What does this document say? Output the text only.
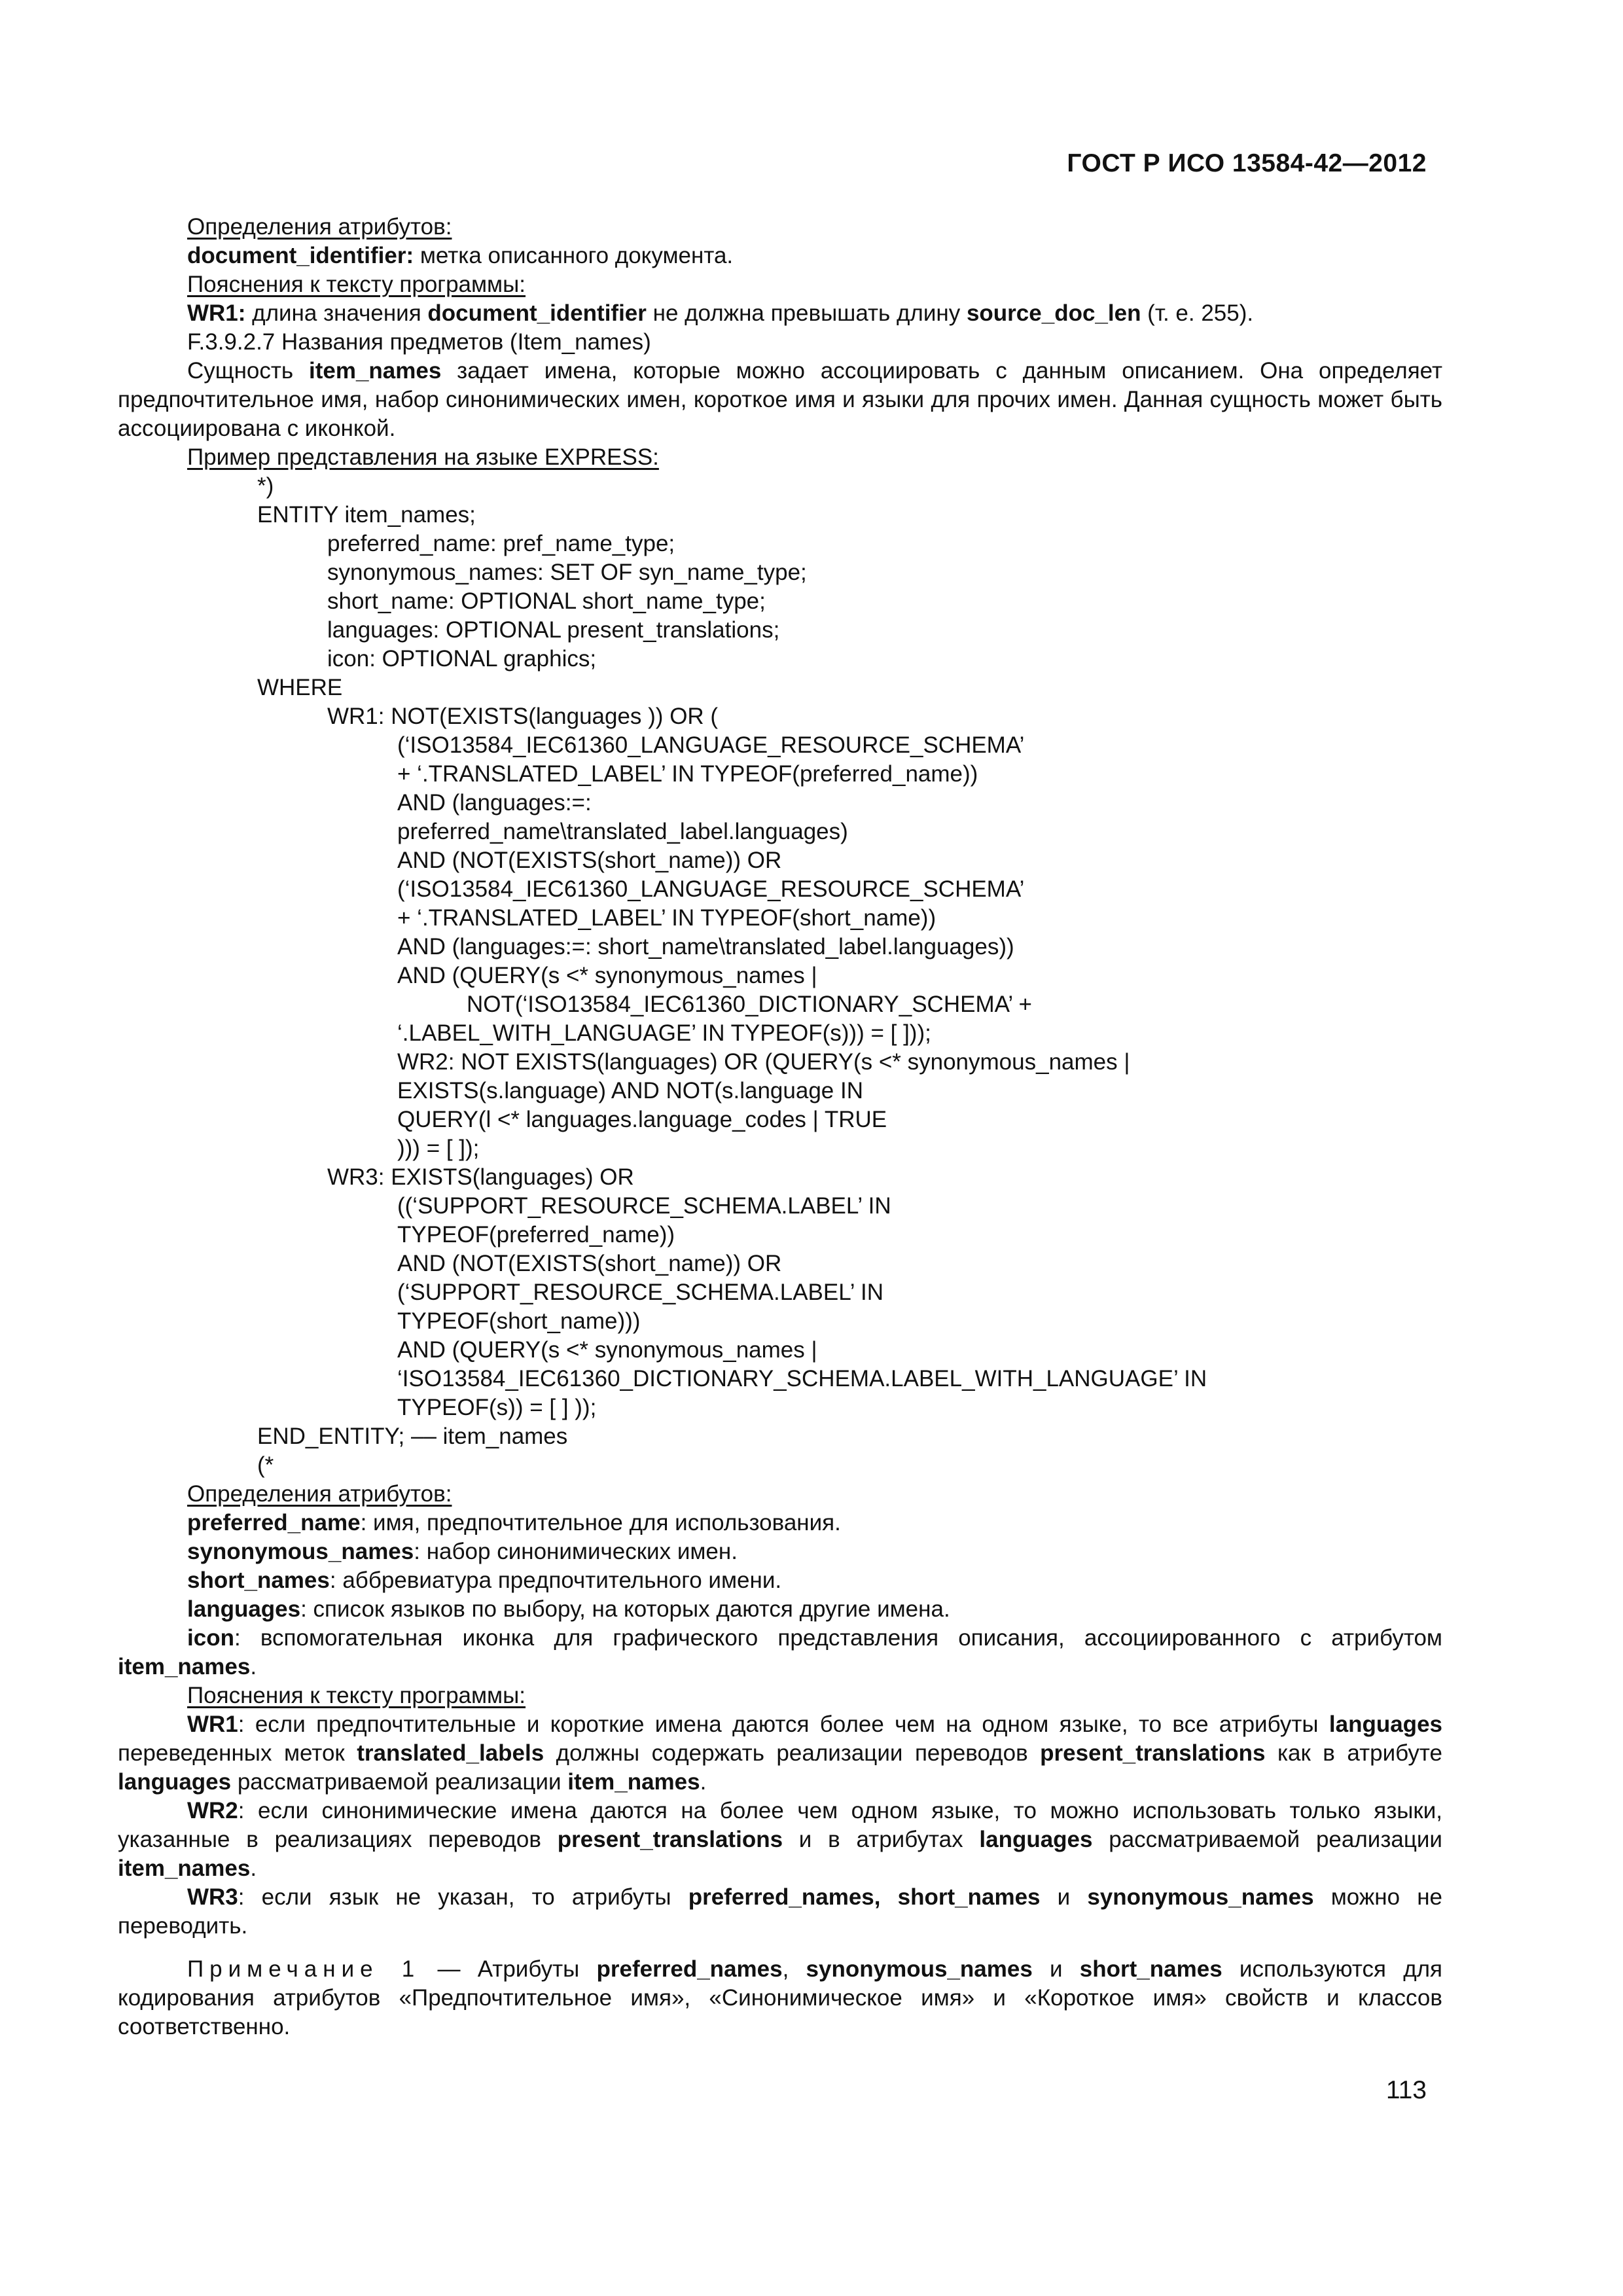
ГОСТ Р ИСО 13584-42—2012
Определения атрибутов:
document_identifier: метка описанного документа.
Пояснения к тексту программы:
WR1: длина значения document_identifier не должна превышать длину source_doc_len (т. е. 255).
F.3.9.2.7 Названия предметов (Item_names)
Сущность item_names задает имена, которые можно ассоциировать с данным описанием. Она определяет предпочтительное имя, набор синонимических имен, короткое имя и языки для прочих имен. Данная сущность может быть ассоциирована с иконкой.
Пример представления на языке EXPRESS:
*)
ENTITY item_names;
preferred_name: pref_name_type;
synonymous_names: SET OF syn_name_type;
short_name: OPTIONAL short_name_type;
languages: OPTIONAL present_translations;
icon: OPTIONAL graphics;
WHERE
WR1: NOT(EXISTS(languages )) OR (
(‘ISO13584_IEC61360_LANGUAGE_RESOURCE_SCHEMA’
+ ‘.TRANSLATED_LABEL’ IN TYPEOF(preferred_name))
AND (languages:=:
preferred_name\translated_label.languages)
AND (NOT(EXISTS(short_name)) OR
(‘ISO13584_IEC61360_LANGUAGE_RESOURCE_SCHEMA’
+ ‘.TRANSLATED_LABEL’ IN TYPEOF(short_name))
AND (languages:=: short_name\translated_label.languages))
AND (QUERY(s <* synonymous_names |
NOT(‘ISO13584_IEC61360_DICTIONARY_SCHEMA’ +
‘.LABEL_WITH_LANGUAGE’ IN TYPEOF(s))) = [ ]));
WR2: NOT EXISTS(languages) OR (QUERY(s <* synonymous_names |
EXISTS(s.language) AND NOT(s.language IN
QUERY(l <* languages.language_codes | TRUE
))) = [ ]);
WR3: EXISTS(languages) OR
((‘SUPPORT_RESOURCE_SCHEMA.LABEL’ IN
TYPEOF(preferred_name))
AND (NOT(EXISTS(short_name)) OR
(‘SUPPORT_RESOURCE_SCHEMA.LABEL’ IN
TYPEOF(short_name)))
AND (QUERY(s <* synonymous_names |
‘ISO13584_IEC61360_DICTIONARY_SCHEMA.LABEL_WITH_LANGUAGE’ IN
TYPEOF(s)) = [ ] ));
END_ENTITY; –– item_names
(*
Определения атрибутов:
preferred_name: имя, предпочтительное для использования.
synonymous_names: набор синонимических имен.
short_names: аббревиатура предпочтительного имени.
languages: список языков по выбору, на которых даются другие имена.
icon: вспомогательная иконка для графического представления описания, ассоциированного с атрибутом item_names.
Пояснения к тексту программы:
WR1: если предпочтительные и короткие имена даются более чем на одном языке, то все атрибуты languages переведенных меток translated_labels должны содержать реализации переводов present_translations как в атрибуте languages рассматриваемой реализации item_names.
WR2: если синонимические имена даются на более чем одном языке, то можно использовать только языки, указанные в реализациях переводов present_translations и в атрибутах languages рассматриваемой реализации item_names.
WR3: если язык не указан, то атрибуты preferred_names, short_names и synonymous_names можно не переводить.
Примечание 1 — Атрибуты preferred_names, synonymous_names и short_names используются для кодирования атрибутов «Предпочтительное имя», «Синонимическое имя» и «Короткое имя» свойств и классов соответственно.
113
